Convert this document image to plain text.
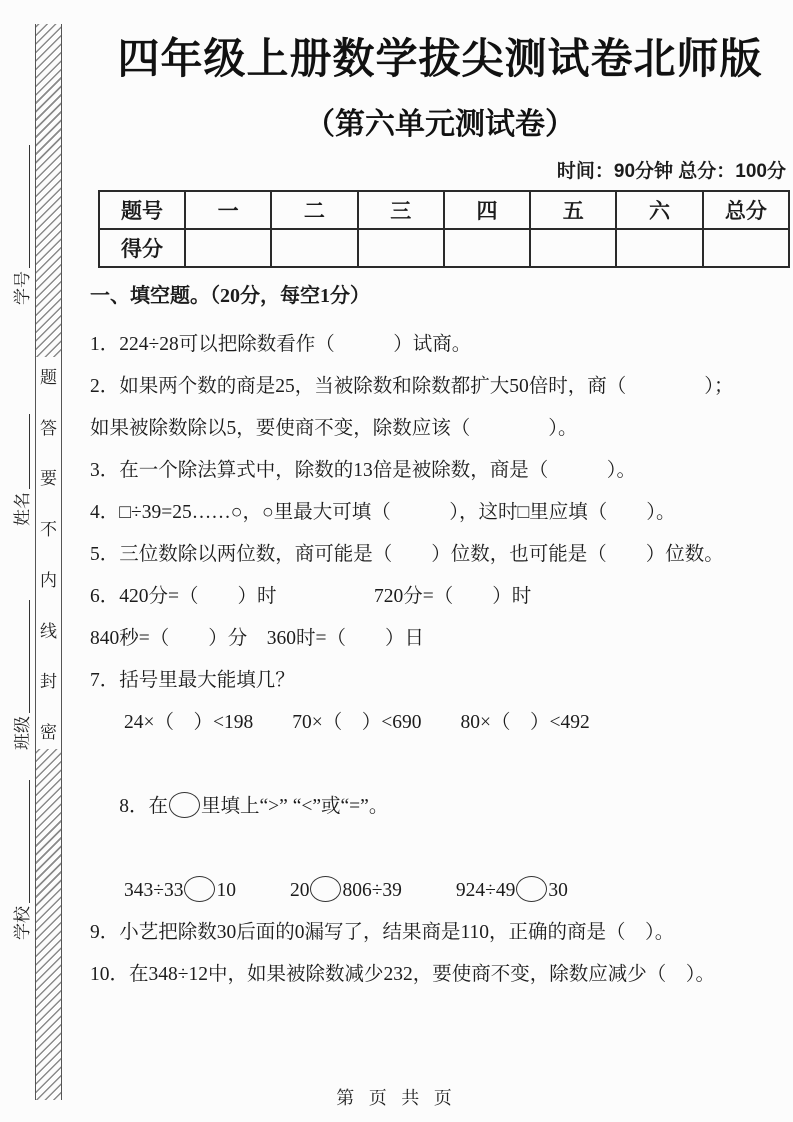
题
答
要
不
内
线
封
密
学号
姓名
班级
学校
四年级上册数学拔尖测试卷北师版
（第六单元测试卷）
时间：90分钟 总分：100分
题号	一	二	三	四	五	六	总分
得分							
一、填空题。（20分，每空1分）
1．224÷28可以把除数看作（　　　）试商。
2．如果两个数的商是25，当被除数和除数都扩大50倍时，商（　　　　）；
如果被除数除以5，要使商不变，除数应该（　　　　）。
3．在一个除法算式中，除数的13倍是被除数，商是（　　　）。
4．□÷39=25……○，○里最大可填（　　　），这时□里应填（　　）。
5．三位数除以两位数，商可能是（　　）位数，也可能是（　　）位数。
6．420分=（　　）时　　　　　720分=（　　）时
840秒=（　　）分　360时=（　　）日
7．括号里最大能填几？
24×（　）<198　　70×（　）<690　　80×（　）<492

8．在 里填上“>” “<”或“=”。

343÷33 10	20 806÷39	924÷49 30
9．小艺把除数30后面的0漏写了，结果商是110，正确的商是（　）。
10．在348÷12中，如果被除数减少232，要使商不变，除数应减少（　）。
第 页 共 页
